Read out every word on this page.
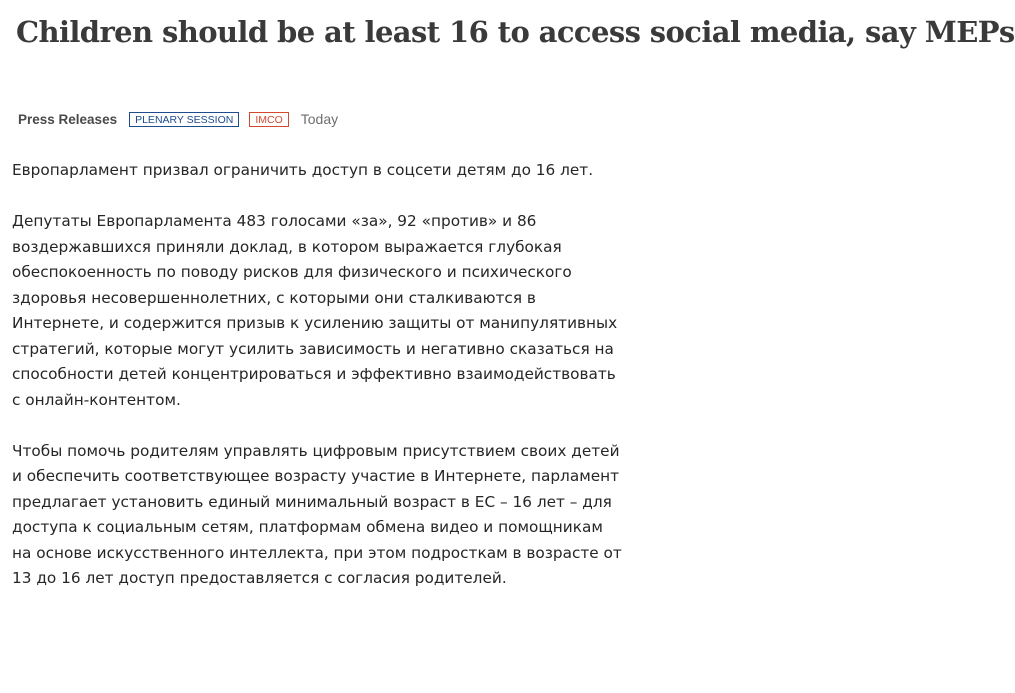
Children should be at least 16 to access social media, say MEPs
Press Releases	PLENARY SESSION	IMCO	Today

Европарламент призвал ограничить доступ в соцсети детям до 16 лет.

Депутаты Европарламента 483 голосами «за», 92 «против» и 86 воздержавшихся приняли доклад, в котором выражается глубокая обеспокоенность по поводу рисков для физического и психического здоровья несовершеннолетних, с которыми они сталкиваются в Интернете, и содержится призыв к усилению защиты от манипулятивных стратегий, которые могут усилить зависимость и негативно сказаться на способности детей концентрироваться и эффективно взаимодействовать с онлайн-контентом.

Чтобы помочь родителям управлять цифровым присутствием своих детей и обеспечить соответствующее возрасту участие в Интернете, парламент предлагает установить единый минимальный возраст в ЕС – 16 лет – для доступа к социальным сетям, платформам обмена видео и помощникам на основе искусственного интеллекта, при этом подросткам в возрасте от 13 до 16 лет доступ предоставляется с согласия родителей.
